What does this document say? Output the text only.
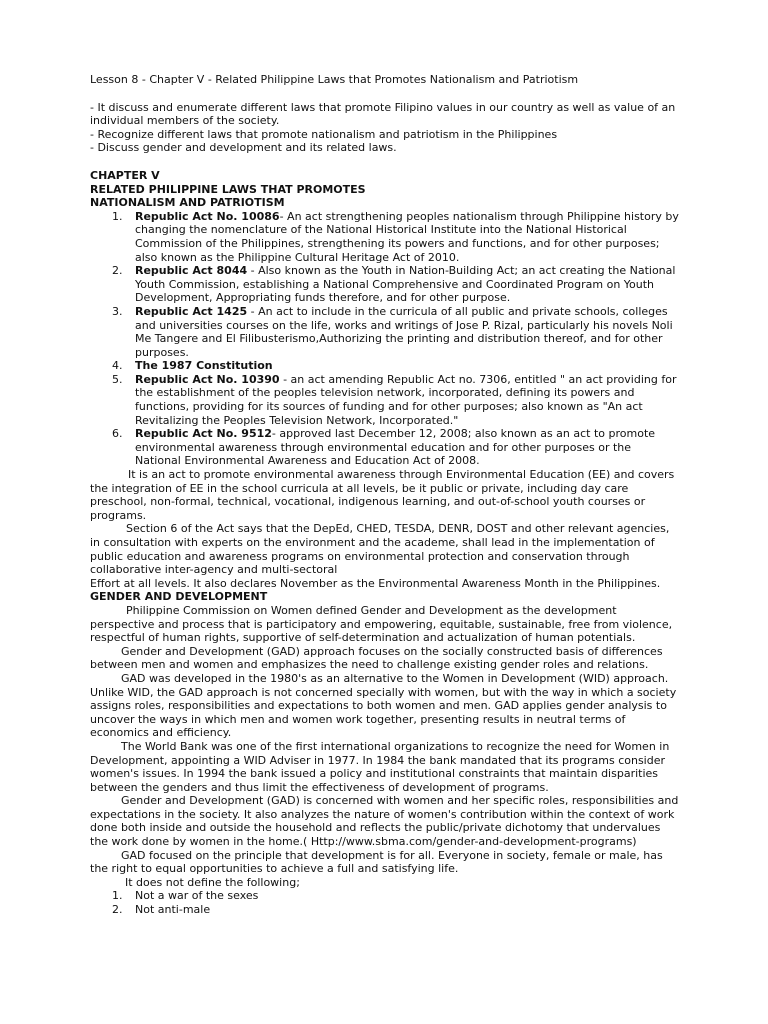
Lesson 8 - Chapter V - Related Philippine Laws that Promotes Nationalism and Patriotism

- It discuss and enumerate different laws that promote Filipino values in our country as well as value of an individual members of the society.

- Recognize different laws that promote nationalism and patriotism in the Philippines

- Discuss gender and development and its related laws.

CHAPTER V

RELATED PHILIPPINE LAWS THAT PROMOTES

NATIONALISM AND PATRIOTISM

1. Republic Act No. 10086- An act strengthening peoples nationalism through Philippine history by changing the nomenclature of the National Historical Institute into the National Historical Commission of the Philippines, strengthening its powers and functions, and for other purposes; also known as the Philippine Cultural Heritage Act of 2010.
2. Republic Act 8044 - Also known as the Youth in Nation-Building Act; an act creating the National Youth Commission, establishing a National Comprehensive and Coordinated Program on Youth Development, Appropriating funds therefore, and for other purpose.
3. Republic Act 1425 - An act to include in the curricula of all public and private schools, colleges and universities courses on the life, works and writings of Jose P. Rizal, particularly his novels Noli Me Tangere and El Filibusterismo,Authorizing the printing and distribution thereof, and for other purposes.
4. The 1987 Constitution
5. Republic Act No. 10390 - an act amending Republic Act no. 7306, entitled " an act providing for the establishment of the peoples television network, incorporated, defining its powers and functions, providing for its sources of funding and for other purposes; also known as "An act Revitalizing the Peoples Television Network, Incorporated."
6. Republic Act No. 9512- approved last December 12, 2008; also known as an act to promote environmental awareness through environmental education and for other purposes or the National Environmental Awareness and Education Act of 2008.

It is an act to promote environmental awareness through Environmental Education (EE) and covers the integration of EE in the school curricula at all levels, be it public or private, including day care preschool, non-formal, technical, vocational, indigenous learning, and out-of-school youth courses or programs.

Section 6 of the Act says that the DepEd, CHED, TESDA, DENR, DOST and other relevant agencies, in consultation with experts on the environment and the academe, shall lead in the implementation of public education and awareness programs on environmental protection and conservation through collaborative inter-agency and multi-sectoral

Effort at all levels. It also declares November as the Environmental Awareness Month in the Philippines.

GENDER AND DEVELOPMENT

Philippine Commission on Women defined Gender and Development as the development perspective and process that is participatory and empowering, equitable, sustainable, free from violence, respectful of human rights, supportive of self-determination and actualization of human potentials.

Gender and Development (GAD) approach focuses on the socially constructed basis of differences between men and women and emphasizes the need to challenge existing gender roles and relations.

GAD was developed in the 1980's as an alternative to the Women in Development (WID) approach. Unlike WID, the GAD approach is not concerned specially with women, but with the way in which a society assigns roles, responsibilities and expectations to both women and men. GAD applies gender analysis to uncover the ways in which men and women work together, presenting results in neutral terms of economics and efficiency.

The World Bank was one of the first international organizations to recognize the need for Women in Development, appointing a WID Adviser in 1977. In 1984 the bank mandated that its programs consider women's issues. In 1994 the bank issued a policy and institutional constraints that maintain disparities between the genders and thus limit the effectiveness of development of programs.

Gender and Development (GAD) is concerned with women and her specific roles, responsibilities and expectations in the society. It also analyzes the nature of women's contribution within the context of work done both inside and outside the household and reflects the public/private dichotomy that undervalues the work done by women in the home.( Http://www.sbma.com/gender-and-development-programs)

GAD focused on the principle that development is for all. Everyone in society, female or male, has the right to equal opportunities to achieve a full and satisfying life.

It does not define the following;

1. Not a war of the sexes
2. Not anti-male
